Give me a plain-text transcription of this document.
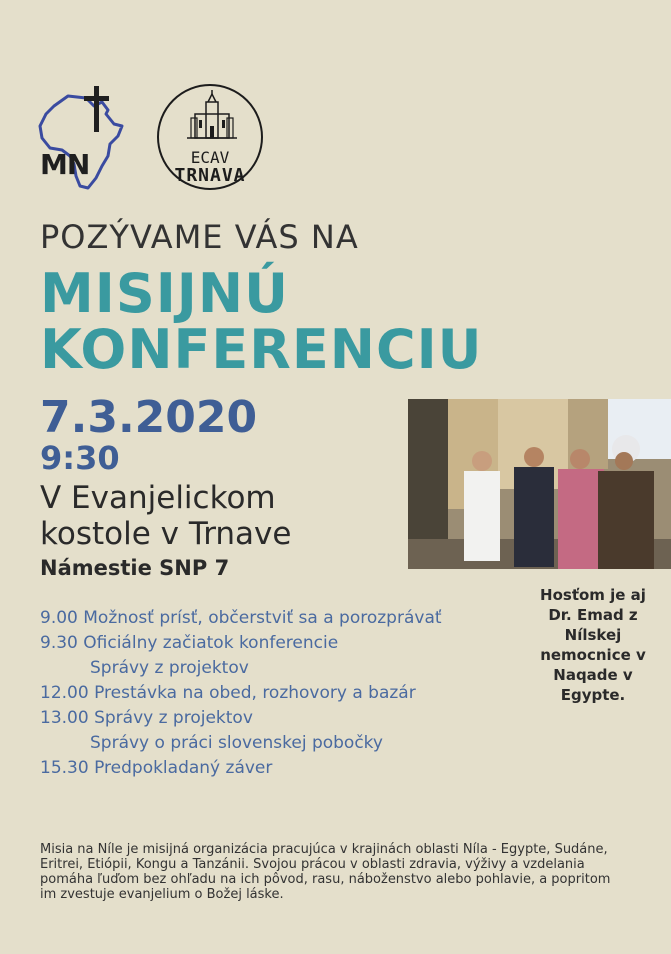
MN	ECAV
TRNAVA
POZÝVAME VÁS NA
MISIJNÚ
KONFERENCIU
7.3.2020
9:30
V Evanjelickom
kostole v Trnave
Námestie SNP 7
Hosťom je aj Dr. Emad z Nílskej nemocnice v Naqade v Egypte.
9.00 Možnosť prísť, občerstviť sa a porozprávať
9.30 Oficiálny začiatok konferencie
Správy z projektov
12.00 Prestávka na obed, rozhovory a bazár
13.00 Správy z projektov
Správy o práci slovenskej pobočky
15.30 Predpokladaný záver
Misia na Níle je misijná organizácia pracujúca v krajinách oblasti Níla - Egypte, Sudáne, Eritrei, Etiópii, Kongu a Tanzánii. Svojou prácou v oblasti zdravia, výživy a vzdelania pomáha ľuďom bez ohľadu na ich pôvod, rasu, náboženstvo alebo pohlavie, a popritom im zvestuje evanjelium o Božej láske.
